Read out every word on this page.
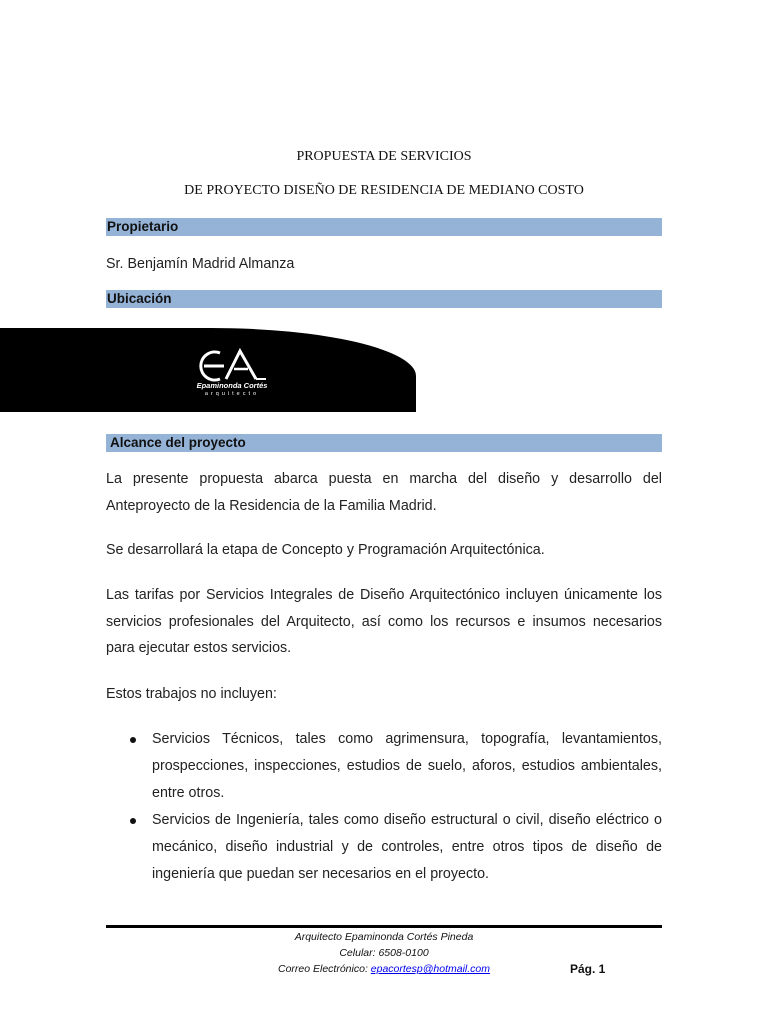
PROPUESTA DE SERVICIOS
DE PROYECTO DISEÑO DE RESIDENCIA DE MEDIANO COSTO
Propietario
Sr. Benjamín Madrid Almanza
Ubicación
Epaminonda Cortés
arquitecto
Alcance del proyecto
La presente propuesta abarca puesta en marcha del diseño y desarrollo del Anteproyecto de la Residencia de la Familia Madrid.
Se desarrollará la etapa de Concepto y Programación Arquitectónica.
Las tarifas por Servicios Integrales de Diseño Arquitectónico incluyen únicamente los servicios profesionales del Arquitecto, así como los recursos e insumos necesarios para ejecutar estos servicios.
Estos trabajos no incluyen:
Servicios Técnicos, tales como agrimensura, topografía, levantamientos, prospecciones, inspecciones, estudios de suelo, aforos, estudios ambientales, entre otros.
Servicios de Ingeniería, tales como diseño estructural o civil, diseño eléctrico o mecánico, diseño industrial y de controles, entre otros tipos de diseño de ingeniería que puedan ser necesarios en el proyecto.
Arquitecto Epaminonda Cortés Pineda
Celular: 6508-0100
Correo Electrónico: epacortesp@hotmail.com	Pág. 1
